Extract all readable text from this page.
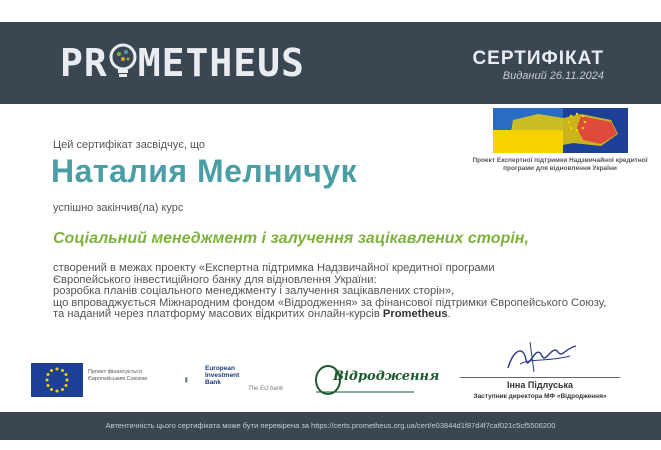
PR METHEUS	СЕРТИФІКАТ
Виданий 26.11.2024
Цей сертифікат засвідчує, що
Наталия Мелничук
успішно закінчив(ла) курс
Соціальний менеджмент і залучення зацікавлених сторін,
створений в межах проекту «Експертна підтримка Надзвичайної кредитної програми
Європейського інвестиційного банку для відновлення України:
розробка планів соціального менеджменту і залучення зацікавлених сторін»,
що впроваджується Міжнародним фондом «Відродження» за фінансової підтримки Європейського Союзу,
та наданий через платформу масових відкритих онлайн-курсів Prometheus.
Проект Експертної підтримки Надзвичайної кредитної програми для відновлення України
Проект фінансується Європейським Союзом
European
Investment
Bank
The EU bank
Відродження
Інна Підлуська
Заступник директора МФ «Відродження»
Автентичність цього сертифіката може бути перевірена за https://certs.prometheus.org.ua/cert/e03844d1f87d4f7caf021c5cf5506200
